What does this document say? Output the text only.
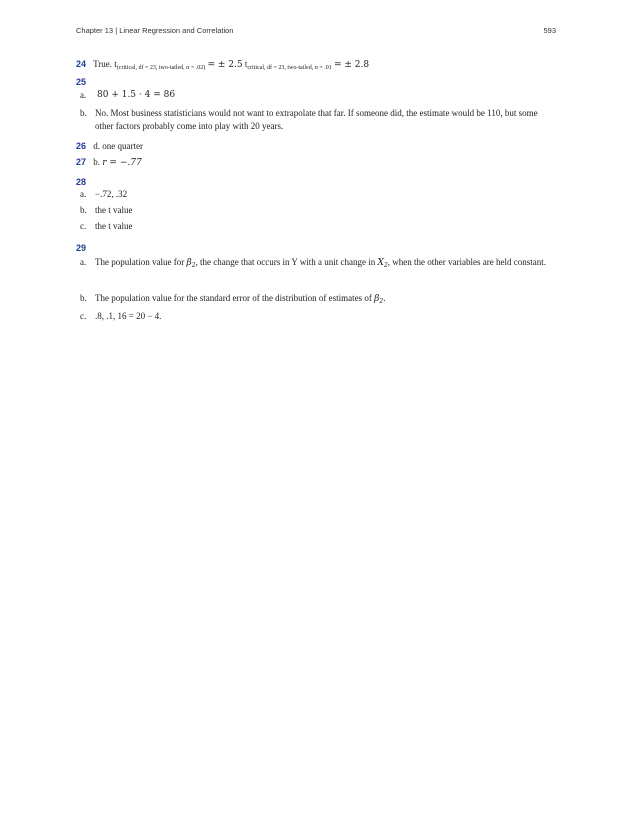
Chapter 13 | Linear Regression and Correlation	593
24 True. $t_{(critical, df = 23, two-tailed, \alpha = .02)}$ = ± 2.5 $t_{critical, df = 23, two-tailed, \alpha = .01}$ = ± 2.8
25
a. 80 + 1.5 · 4 = 86
b. No. Most business statisticians would not want to extrapolate that far. If someone did, the estimate would be 110, but some other factors probably come into play with 20 years.
26 d. one quarter
27 b. r = −.77
28
a. −.72, .32
b. the t value
c. the t value
29
a. The population value for $\beta_2$, the change that occurs in Y with a unit change in $X_2$, when the other variables are held constant.
b. The population value for the standard error of the distribution of estimates of $\beta_2$.
c. .8, .1, 16 = 20 − 4.
